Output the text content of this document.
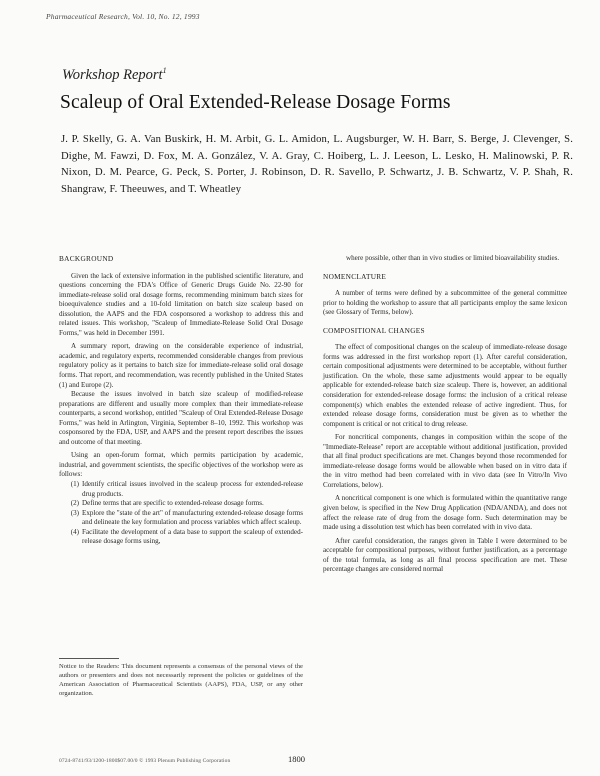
Pharmaceutical Research, Vol. 10, No. 12, 1993
Workshop Report$^1$
Scaleup of Oral Extended-Release Dosage Forms
J. P. Skelly, G. A. Van Buskirk, H. M. Arbit, G. L. Amidon, L. Augsburger, W. H. Barr, S. Berge, J. Clevenger, S. Dighe, M. Fawzi, D. Fox, M. A. González, V. A. Gray, C. Hoiberg, L. J. Leeson, L. Lesko, H. Malinowski, P. R. Nixon, D. M. Pearce, G. Peck, S. Porter, J. Robinson, D. R. Savello, P. Schwartz, J. B. Schwartz, V. P. Shah, R. Shangraw, F. Theeuwes, and T. Wheatley
BACKGROUND

Given the lack of extensive information in the published scientific literature, and questions concerning the FDA's Office of Generic Drugs Guide No. 22-90 for immediate-release solid oral dosage forms, recommending minimum batch sizes for bioequivalence studies and a 10-fold limitation on batch size scaleup based on dissolution, the AAPS and the FDA cosponsored a workshop to address this and related issues. This workshop, "Scaleup of Immediate-Release Solid Oral Dosage Forms," was held in December 1991.

A summary report, drawing on the considerable experience of industrial, academic, and regulatory experts, recommended considerable changes from previous regulatory policy as it pertains to batch size for immediate-release solid oral dosage forms. That report, and recommendation, was recently published in the United States (1) and Europe (2).

Because the issues involved in batch size scaleup of modified-release preparations are different and usually more complex than their immediate-release counterparts, a second workshop, entitled "Scaleup of Oral Extended-Release Dosage Forms," was held in Arlington, Virginia, September 8–10, 1992. This workshop was cosponsored by the FDA, USP, and AAPS and the present report describes the issues and outcome of that meeting.

Using an open-forum format, which permits participation by academic, industrial, and government scientists, the specific objectives of the workshop were as follows:

(1) Identify critical issues involved in the scaleup process for extended-release drug products.
(2) Define terms that are specific to extended-release dosage forms.
(3) Explore the "state of the art" of manufacturing extended-release dosage forms and delineate the key formulation and process variables which affect scaleup.
(4) Facilitate the development of a data base to support the scaleup of extended-release dosage forms using,
Notice to the Readers: This document represents a consensus of the personal views of the authors or presenters and does not necessarily represent the policies or guidelines of the American Association of Pharmaceutical Scientists (AAPS), FDA, USP, or any other organization.

where possible, other than in vivo studies or limited bioavailability studies.

NOMENCLATURE

A number of terms were defined by a subcommittee of the general committee prior to holding the workshop to assure that all participants employ the same lexicon (see Glossary of Terms, below).

COMPOSITIONAL CHANGES

The effect of compositional changes on the scaleup of immediate-release dosage forms was addressed in the first workshop report (1). After careful consideration, certain compositional adjustments were determined to be acceptable, without further justification. On the whole, these same adjustments would appear to be equally applicable for extended-release batch size scaleup. There is, however, an additional consideration for extended-release dosage forms: the inclusion of a critical release component(s) which enables the extended release of active ingredient. Thus, for extended release dosage forms, consideration must be given as to whether the component is critical or not critical to drug release.

For noncritical components, changes in composition within the scope of the "Immediate-Release" report are acceptable without additional justification, provided that all final product specifications are met. Changes beyond those recommended for immediate-release dosage forms would be allowable when based on in vitro data if the in vitro method had been correlated with in vivo data (see In Vitro/In Vivo Correlations, below).

A noncritical component is one which is formulated within the quantitative range given below, is specified in the New Drug Application (NDA/ANDA), and does not affect the release rate of drug from the dosage form. Such determination may be made using a dissolution test which has been correlated with in vivo data.

After careful consideration, the ranges given in Table I were determined to be acceptable for compositional purposes, without further justification, as a percentage of the total formula, as long as all final process specification are met. These percentage changes are considered normal

0724-8741/93/1200-1800$07.00/0 © 1993 Plenum Publishing Corporation	1800
